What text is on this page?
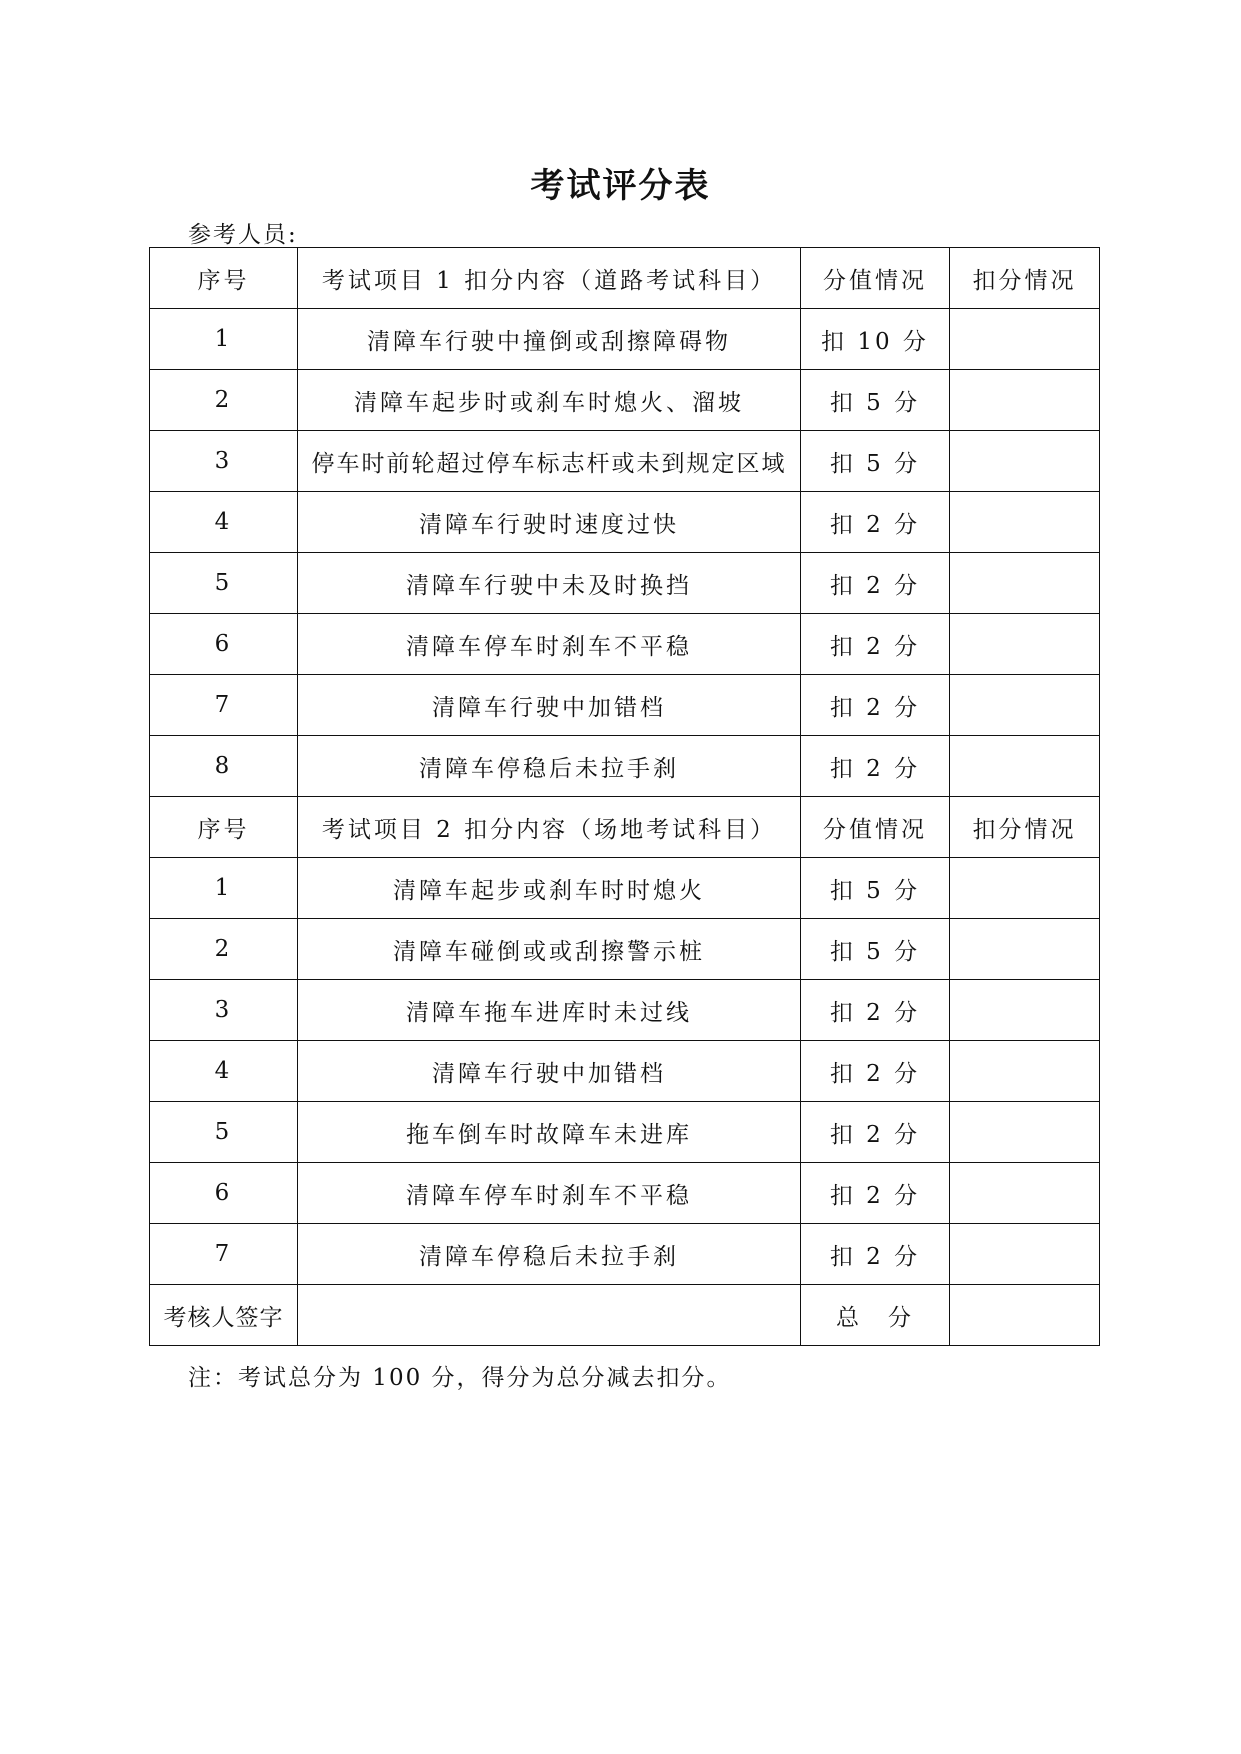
考试评分表
参考人员:
序号	考试项目 1 扣分内容（道路考试科目）	分值情况	扣分情况
1	清障车行驶中撞倒或刮擦障碍物	扣 10 分	
2	清障车起步时或刹车时熄火、溜坡	扣 5 分	
3	停车时前轮超过停车标志杆或未到规定区域	扣 5 分	
4	清障车行驶时速度过快	扣 2 分	
5	清障车行驶中未及时换挡	扣 2 分	
6	清障车停车时刹车不平稳	扣 2 分	
7	清障车行驶中加错档	扣 2 分	
8	清障车停稳后未拉手刹	扣 2 分	
序号	考试项目 2 扣分内容（场地考试科目）	分值情况	扣分情况
1	清障车起步或刹车时时熄火	扣 5 分	
2	清障车碰倒或或刮擦警示桩	扣 5 分	
3	清障车拖车进库时未过线	扣 2 分	
4	清障车行驶中加错档	扣 2 分	
5	拖车倒车时故障车未进库	扣 2 分	
6	清障车停车时刹车不平稳	扣 2 分	
7	清障车停稳后未拉手刹	扣 2 分	
考核人签字		总　分	
注：考试总分为 100 分，得分为总分减去扣分。
